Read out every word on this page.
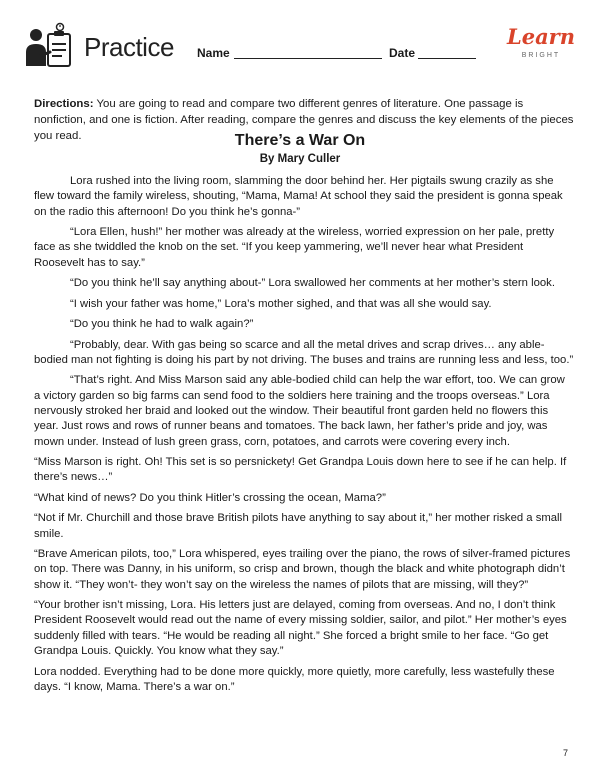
Practice Name	Date
Learn
BRIGHT
Directions: You are going to read and compare two different genres of literature. One passage is nonfiction, and one is fiction. After reading, compare the genres and discuss the key elements of the pieces you read.	There’s a War On
By Mary Culler

Lora rushed into the living room, slamming the door behind her. Her pigtails swung crazily as she flew toward the family wireless, shouting, “Mama, Mama! At school they said the president is gonna speak on the radio this afternoon! Do you think he’s gonna-”

“Lora Ellen, hush!” her mother was already at the wireless, worried expression on her pale, pretty face as she twiddled the knob on the set. “If you keep yammering, we’ll never hear what President Roosevelt has to say.”

“Do you think he’ll say anything about-” Lora swallowed her comments at her mother’s stern look.

“I wish your father was home,” Lora’s mother sighed, and that was all she would say.

“Do you think he had to walk again?”

“Probably, dear. With gas being so scarce and all the metal drives and scrap drives… any able-bodied man not fighting is doing his part by not driving. The buses and trains are running less and less, too.”

“That’s right. And Miss Marson said any able-bodied child can help the war effort, too. We can grow a victory garden so big farms can send food to the soldiers here training and the troops overseas.” Lora nervously stroked her braid and looked out the window. Their beautiful front garden held no flowers this year. Just rows and rows of runner beans and tomatoes. The back lawn, her father’s pride and joy, was mown under. Instead of lush green grass, corn, potatoes, and carrots were covering every inch.

“Miss Marson is right. Oh! This set is so persnickety! Get Grandpa Louis down here to see if he can help. If there’s news…”

“What kind of news? Do you think Hitler’s crossing the ocean, Mama?”

“Not if Mr. Churchill and those brave British pilots have anything to say about it,” her mother risked a small smile.

“Brave American pilots, too,” Lora whispered, eyes trailing over the piano, the rows of silver-framed pictures on top. There was Danny, in his uniform, so crisp and brown, though the black and white photograph didn’t show it. “They won’t- they won’t say on the wireless the names of pilots that are missing, will they?”

“Your brother isn’t missing, Lora. His letters just are delayed, coming from overseas. And no, I don’t think President Roosevelt would read out the name of every missing soldier, sailor, and pilot.” Her mother’s eyes suddenly filled with tears. “He would be reading all night.” She forced a bright smile to her face. “Go get Grandpa Louis. Quickly. You know what they say.”

Lora nodded. Everything had to be done more quickly, more quietly, more carefully, less wastefully these days. “I know, Mama. There’s a war on.”

7
